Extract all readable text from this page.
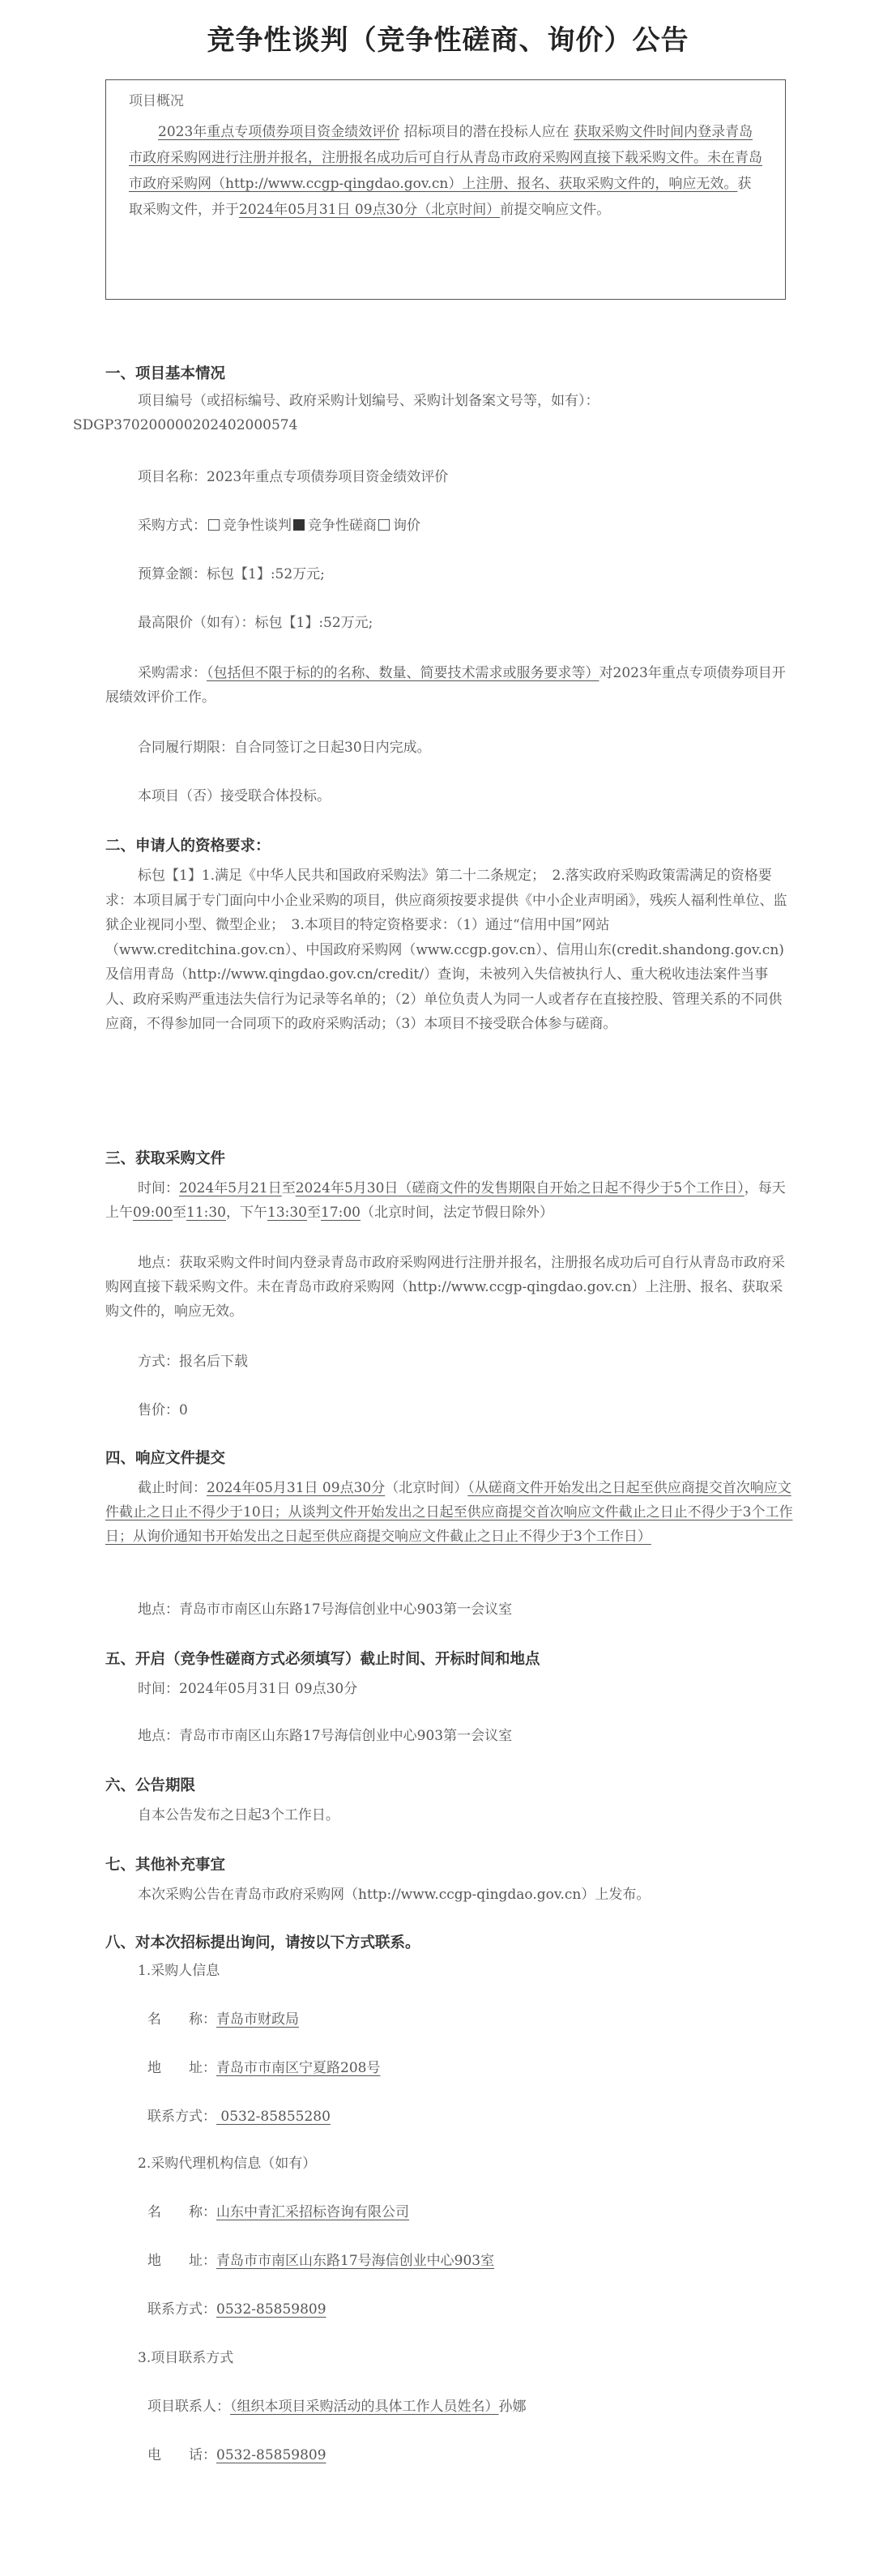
竞争性谈判（竞争性磋商、询价）公告
项目概况
2023年重点专项债券项目资金绩效评价 招标项目的潜在投标人应在 获取采购文件时间内登录青岛市政府采购网进行注册并报名，注册报名成功后可自行从青岛市政府采购网直接下载采购文件。未在青岛市政府采购网（http://www.ccgp-qingdao.gov.cn）上注册、报名、获取采购文件的，响应无效。获取采购文件，并于2024年05月31日 09点30分（北京时间）前提交响应文件。
一、项目基本情况
项目编号（或招标编号、政府采购计划编号、采购计划备案文号等，如有）：
SDGP370200000202402000574
项目名称：2023年重点专项债券项目资金绩效评价
采购方式： 竞争性谈判 竞争性磋商 询价
预算金额：标包【1】:52万元;
最高限价（如有）：标包【1】:52万元;
采购需求：（包括但不限于标的的名称、数量、简要技术需求或服务要求等）对2023年重点专项债券项目开展绩效评价工作。
合同履行期限：自合同签订之日起30日内完成。
本项目（否）接受联合体投标。
二、申请人的资格要求：
标包【1】1.满足《中华人民共和国政府采购法》第二十二条规定；　2.落实政府采购政策需满足的资格要求：本项目属于专门面向中小企业采购的项目，供应商须按要求提供《中小企业声明函》，残疾人福利性单位、监狱企业视同小型、微型企业；　3.本项目的特定资格要求：（1）通过“信用中国”网站（www.creditchina.gov.cn）、中国政府采购网（www.ccgp.gov.cn）、信用山东(credit.shandong.gov.cn)及信用青岛（http://www.qingdao.gov.cn/credit/）查询，未被列入失信被执行人、重大税收违法案件当事人、政府采购严重违法失信行为记录等名单的；（2）单位负责人为同一人或者存在直接控股、管理关系的不同供应商，不得参加同一合同项下的政府采购活动；（3）本项目不接受联合体参与磋商。
三、获取采购文件
时间：2024年5月21日至2024年5月30日（磋商文件的发售期限自开始之日起不得少于5个工作日），每天上午09:00至11:30，下午13:30至17:00（北京时间，法定节假日除外）
地点：获取采购文件时间内登录青岛市政府采购网进行注册并报名，注册报名成功后可自行从青岛市政府采购网直接下载采购文件。未在青岛市政府采购网（http://www.ccgp-qingdao.gov.cn）上注册、报名、获取采购文件的，响应无效。
方式：报名后下载
售价：0
四、响应文件提交
截止时间：2024年05月31日 09点30分（北京时间）（从磋商文件开始发出之日起至供应商提交首次响应文件截止之日止不得少于10日；从谈判文件开始发出之日起至供应商提交首次响应文件截止之日止不得少于3个工作日；从询价通知书开始发出之日起至供应商提交响应文件截止之日止不得少于3个工作日）
地点：青岛市市南区山东路17号海信创业中心903第一会议室
五、开启（竞争性磋商方式必须填写）截止时间、开标时间和地点
时间：2024年05月31日 09点30分
地点：青岛市市南区山东路17号海信创业中心903第一会议室
六、公告期限
自本公告发布之日起3个工作日。
七、其他补充事宜
本次采购公告在青岛市政府采购网（http://www.ccgp-qingdao.gov.cn）上发布。
八、对本次招标提出询问，请按以下方式联系。
1.采购人信息
名　　称：青岛市财政局
地　　址：青岛市市南区宁夏路208号
联系方式： 0532-85855280
2.采购代理机构信息（如有）
名　　称：山东中青汇采招标咨询有限公司
地　　址：青岛市市南区山东路17号海信创业中心903室
联系方式：0532-85859809
3.项目联系方式
项目联系人：（组织本项目采购活动的具体工作人员姓名）孙娜
电　　话：0532-85859809
